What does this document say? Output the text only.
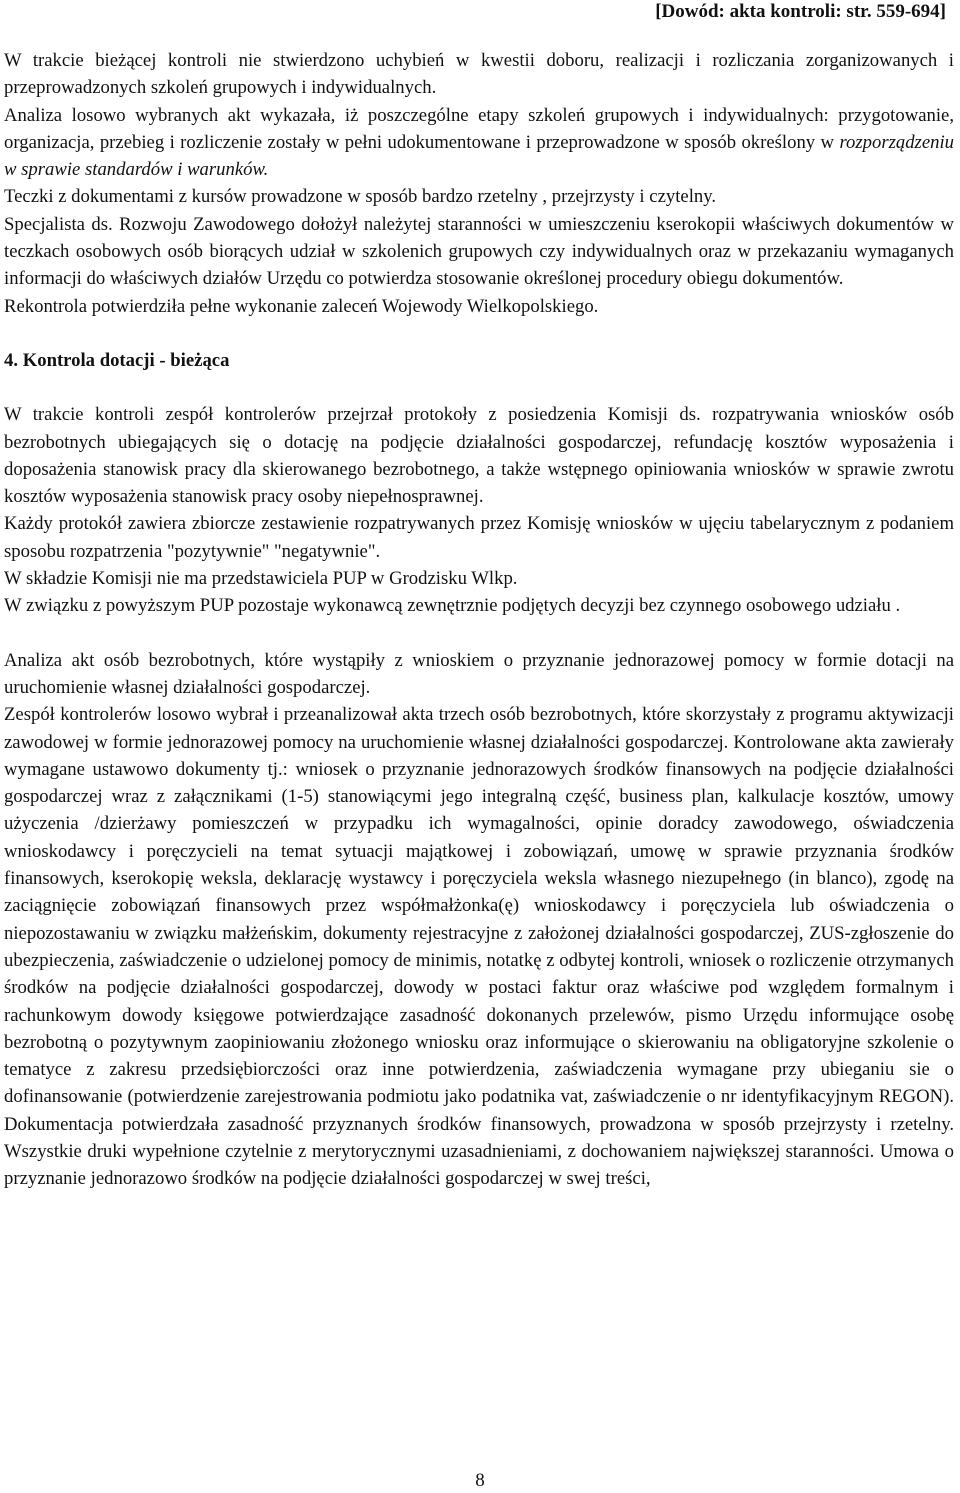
[Dowód: akta kontroli: str. 559-694]

W trakcie bieżącej kontroli nie stwierdzono uchybień w kwestii doboru, realizacji i rozliczania zorganizowanych i przeprowadzonych szkoleń grupowych i indywidualnych.

Analiza losowo wybranych akt wykazała, iż poszczególne etapy szkoleń grupowych i indywidualnych: przygotowanie, organizacja, przebieg i rozliczenie zostały w pełni udokumentowane i przeprowadzone w sposób określony w rozporządzeniu w sprawie standardów i warunków.

Teczki z dokumentami z kursów prowadzone w sposób bardzo rzetelny , przejrzysty i czytelny.

Specjalista ds. Rozwoju Zawodowego dołożył należytej staranności w umieszczeniu kserokopii właściwych dokumentów w teczkach osobowych osób biorących udział w szkolenich grupowych czy indywidualnych oraz w przekazaniu wymaganych informacji do właściwych działów Urzędu co potwierdza stosowanie określonej procedury obiegu dokumentów.

Rekontrola potwierdziła pełne wykonanie zaleceń Wojewody Wielkopolskiego.

4. Kontrola dotacji - bieżąca

W trakcie kontroli zespół kontrolerów przejrzał protokoły z posiedzenia Komisji ds. rozpatrywania wniosków osób bezrobotnych ubiegających się o dotację na podjęcie działalności gospodarczej, refundację kosztów wyposażenia i doposażenia stanowisk pracy dla skierowanego bezrobotnego, a także wstępnego opiniowania wniosków w sprawie zwrotu kosztów wyposażenia stanowisk pracy osoby niepełnosprawnej.

Każdy protokół zawiera zbiorcze zestawienie rozpatrywanych przez Komisję wniosków w ujęciu tabelarycznym z podaniem sposobu rozpatrzenia "pozytywnie" "negatywnie".

W składzie Komisji nie ma przedstawiciela PUP w Grodzisku Wlkp.

W związku z powyższym PUP pozostaje wykonawcą zewnętrznie podjętych decyzji bez czynnego osobowego udziału .

Analiza akt osób bezrobotnych, które wystąpiły z wnioskiem o przyznanie jednorazowej pomocy w formie dotacji na uruchomienie własnej działalności gospodarczej.

Zespół kontrolerów losowo wybrał i przeanalizował akta trzech osób bezrobotnych, które skorzystały z programu aktywizacji zawodowej w formie jednorazowej pomocy na uruchomienie własnej działalności gospodarczej. Kontrolowane akta zawierały wymagane ustawowo dokumenty tj.: wniosek o przyznanie jednorazowych środków finansowych na podjęcie działalności gospodarczej wraz z załącznikami (1-5) stanowiącymi jego integralną część, business plan, kalkulacje kosztów, umowy użyczenia /dzierżawy pomieszczeń w przypadku ich wymagalności, opinie doradcy zawodowego, oświadczenia wnioskodawcy i poręczycieli na temat sytuacji majątkowej i zobowiązań, umowę w sprawie przyznania środków finansowych, kserokopię weksla, deklarację wystawcy i poręczyciela weksla własnego niezupełnego (in blanco), zgodę na zaciągnięcie zobowiązań finansowych przez współmałżonka(ę) wnioskodawcy i poręczyciela lub oświadczenia o niepozostawaniu w związku małżeńskim, dokumenty rejestracyjne z założonej działalności gospodarczej, ZUS-zgłoszenie do ubezpieczenia, zaświadczenie o udzielonej pomocy de minimis, notatkę z odbytej kontroli, wniosek o rozliczenie otrzymanych środków na podjęcie działalności gospodarczej, dowody w postaci faktur oraz właściwe pod względem formalnym i rachunkowym dowody księgowe potwierdzające zasadność dokonanych przelewów, pismo Urzędu informujące osobę bezrobotną o pozytywnym zaopiniowaniu złożonego wniosku oraz informujące o skierowaniu na obligatoryjne szkolenie o tematyce z zakresu przedsiębiorczości oraz inne potwierdzenia, zaświadczenia wymagane przy ubieganiu sie o dofinansowanie (potwierdzenie zarejestrowania podmiotu jako podatnika vat, zaświadczenie o nr identyfikacyjnym REGON). Dokumentacja potwierdzała zasadność przyznanych środków finansowych, prowadzona w sposób przejrzysty i rzetelny. Wszystkie druki wypełnione czytelnie z merytorycznymi uzasadnieniami, z dochowaniem największej staranności. Umowa o przyznanie jednorazowo środków na podjęcie działalności gospodarczej w swej treści,

8
